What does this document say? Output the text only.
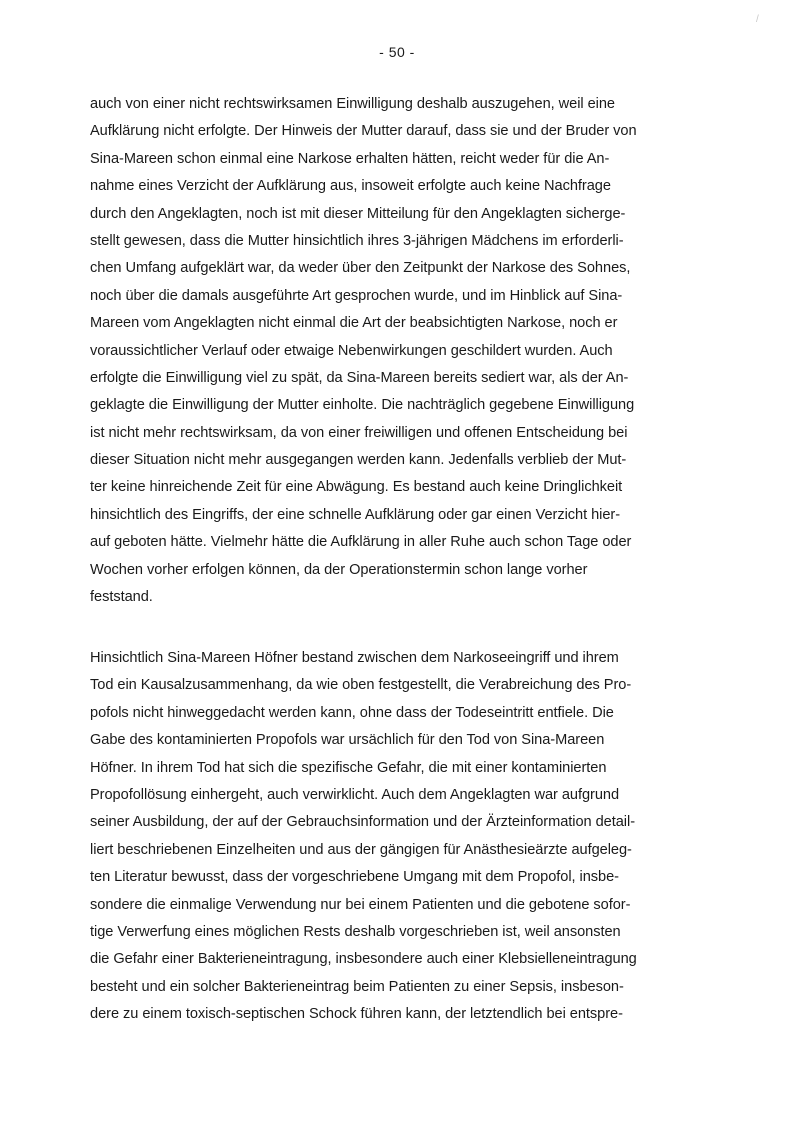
/
- 50 -
auch von einer nicht rechtswirksamen Einwilligung deshalb auszugehen, weil eine
Aufklärung nicht erfolgte. Der Hinweis der Mutter darauf, dass sie und der Bruder von
Sina-Mareen schon einmal eine Narkose erhalten hätten, reicht weder für die An-
nahme eines Verzicht der Aufklärung aus, insoweit erfolgte auch keine Nachfrage
durch den Angeklagten, noch ist mit dieser Mitteilung für den Angeklagten sicherge-
stellt gewesen, dass die Mutter hinsichtlich ihres 3-jährigen Mädchens im erforderli-
chen Umfang aufgeklärt war, da weder über den Zeitpunkt der Narkose des Sohnes,
noch über die damals ausgeführte Art gesprochen wurde, und im Hinblick auf Sina-
Mareen vom Angeklagten nicht einmal die Art der beabsichtigten Narkose, noch er
voraussichtlicher Verlauf oder etwaige Nebenwirkungen geschildert wurden. Auch
erfolgte die Einwilligung viel zu spät, da Sina-Mareen bereits sediert war, als der An-
geklagte die Einwilligung der Mutter einholte. Die nachträglich gegebene Einwilligung
ist nicht mehr rechtswirksam, da von einer freiwilligen und offenen Entscheidung bei
dieser Situation nicht mehr ausgegangen werden kann. Jedenfalls verblieb der Mut-
ter keine hinreichende Zeit für eine Abwägung. Es bestand auch keine Dringlichkeit
hinsichtlich des Eingriffs, der eine schnelle Aufklärung oder gar einen Verzicht hier-
auf geboten hätte. Vielmehr hätte die Aufklärung in aller Ruhe auch schon Tage oder
Wochen vorher erfolgen können, da der Operationstermin schon lange vorher
feststand.
Hinsichtlich Sina-Mareen Höfner bestand zwischen dem Narkoseeingriff und ihrem
Tod ein Kausalzusammenhang, da wie oben festgestellt, die Verabreichung des Pro-
pofols nicht hinweggedacht werden kann, ohne dass der Todeseintritt entfiele. Die
Gabe des kontaminierten Propofols war ursächlich für den Tod von Sina-Mareen
Höfner. In ihrem Tod hat sich die spezifische Gefahr, die mit einer kontaminierten
Propofollösung einhergeht, auch verwirklicht. Auch dem Angeklagten war aufgrund
seiner Ausbildung, der auf der Gebrauchsinformation und der Ärzteinformation detail-
liert beschriebenen Einzelheiten und aus der gängigen für Anästhesieärzte aufgeleg-
ten Literatur bewusst, dass der vorgeschriebene Umgang mit dem Propofol, insbe-
sondere die einmalige Verwendung nur bei einem Patienten und die gebotene sofor-
tige Verwerfung eines möglichen Rests deshalb vorgeschrieben ist, weil ansonsten
die Gefahr einer Bakterieneintragung, insbesondere auch einer Klebsielleneintragung
besteht und ein solcher Bakterieneintrag beim Patienten zu einer Sepsis, insbeson-
dere zu einem toxisch-septischen Schock führen kann, der letztendlich bei entspre-
